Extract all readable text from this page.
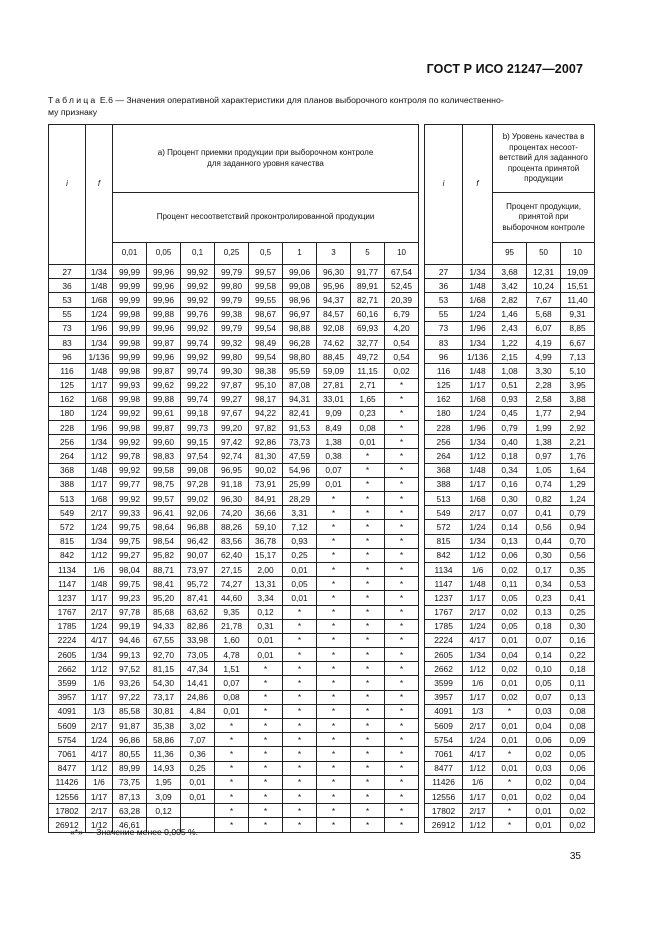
ГОСТ Р ИСО 21247—2007
Таблица Е.6 — Значения оперативной характеристики для планов выборочного контроля по количественно-
му признаку
i	f	а) Процент приемки продукции при выборочном контроле для заданного уровня качества										i	f	b) Уровень качества в процентах несоот-ветствий для заданного процента принятой продукции		
		Процент несоответствий проконтролированной продукции												Процент продукции, принятой при выборочном контроле		

		0,01	0,05	0,1	0,25	0,5	1	3	5	10				95	50	10
27	1/34	99,99	99,96	99,92	99,79	99,57	99,06	96,30	91,77	67,54		27	1/34	3,68	12,31	19,09
36	1/48	99,99	99,96	99,92	99,80	99,58	99,08	95,96	89,91	52,45		36	1/48	3,42	10,24	15,51
53	1/68	99,99	99,96	99,92	99,79	99,55	98,96	94,37	82,71	20,39		53	1/68	2,82	7,67	11,40
55	1/24	99,98	99,88	99,76	99,38	98,67	96,97	84,57	60,16	6,79		55	1/24	1,46	5,68	9,31
73	1/96	99,99	99,96	99,92	99,79	99,54	98,88	92,08	69,93	4,20		73	1/96	2,43	6,07	8,85
83	1/34	99,98	99,87	99,74	99,32	98,49	96,28	74,62	32,77	0,54		83	1/34	1,22	4,19	6,67
96	1/136	99,99	99,96	99,92	99,80	99,54	98,80	88,45	49,72	0,54		96	1/136	2,15	4,99	7,13
116	1/48	99,98	99,87	99,74	99,30	98,38	95,59	59,09	11,15	0,02		116	1/48	1,08	3,30	5,10
125	1/17	99,93	99,62	99,22	97,87	95,10	87,08	27,81	2,71	*		125	1/17	0,51	2,28	3,95
162	1/68	99,98	99,88	99,74	99,27	98,17	94,31	33,01	1,65	*		162	1/68	0,93	2,58	3,88
180	1/24	99,92	99,61	99,18	97,67	94,22	82,41	9,09	0,23	*		180	1/24	0,45	1,77	2,94
228	1/96	99,98	99,87	99,73	99,20	97,82	91,53	8,49	0,08	*		228	1/96	0,79	1,99	2,92
256	1/34	99,92	99,60	99,15	97,42	92,86	73,73	1,38	0,01	*		256	1/34	0,40	1,38	2,21
264	1/12	99,78	98,83	97,54	92,74	81,30	47,59	0,38	*	*		264	1/12	0,18	0,97	1,76
368	1/48	99,92	99,58	99,08	96,95	90,02	54,96	0,07	*	*		368	1/48	0,34	1,05	1,64
388	1/17	99,77	98,75	97,28	91,18	73,91	25,99	0,01	*	*		388	1/17	0,16	0,74	1,29
513	1/68	99,92	99,57	99,02	96,30	84,91	28,29	*	*	*		513	1/68	0,30	0,82	1,24
549	2/17	99,33	96,41	92,06	74,20	36,66	3,31	*	*	*		549	2/17	0,07	0,41	0,79
572	1/24	99,75	98,64	96,88	88,26	59,10	7,12	*	*	*		572	1/24	0,14	0,56	0,94
815	1/34	99,75	98,54	96,42	83,56	36,78	0,93	*	*	*		815	1/34	0,13	0,44	0,70
842	1/12	99,27	95,82	90,07	62,40	15,17	0,25	*	*	*		842	1/12	0,06	0,30	0,56
1134	1/6	98,04	88,71	73,97	27,15	2,00	0,01	*	*	*		1134	1/6	0,02	0,17	0,35
1147	1/48	99,75	98,41	95,72	74,27	13,31	0,05	*	*	*		1147	1/48	0,11	0,34	0,53
1237	1/17	99,23	95,20	87,41	44,60	3,34	0,01	*	*	*		1237	1/17	0,05	0,23	0,41
1767	2/17	97,78	85,68	63,62	9,35	0,12	*	*	*	*		1767	2/17	0,02	0,13	0,25
1785	1/24	99,19	94,33	82,86	21,78	0,31	*	*	*	*		1785	1/24	0,05	0,18	0,30
2224	4/17	94,46	67,55	33,98	1,60	0,01	*	*	*	*		2224	4/17	0,01	0,07	0,16
2605	1/34	99,13	92,70	73,05	4,78	0,01	*	*	*	*		2605	1/34	0,04	0,14	0,22
2662	1/12	97,52	81,15	47,34	1,51	*	*	*	*	*		2662	1/12	0,02	0,10	0,18
3599	1/6	93,26	54,30	14,41	0,07	*	*	*	*	*		3599	1/6	0,01	0,05	0,11
3957	1/17	97,22	73,17	24,86	0,08	*	*	*	*	*		3957	1/17	0,02	0,07	0,13
4091	1/3	85,58	30,81	4,84	0,01	*	*	*	*	*		4091	1/3	*	0,03	0,08
5609	2/17	91,87	35,38	3,02	*	*	*	*	*	*		5609	2/17	0,01	0,04	0,08
5754	1/24	96,86	58,86	7,07	*	*	*	*	*	*		5754	1/24	0,01	0,06	0,09
7061	4/17	80,55	11,36	0,36	*	*	*	*	*	*		7061	4/17	*	0,02	0,05
8477	1/12	89,99	14,93	0,25	*	*	*	*	*	*		8477	1/12	0,01	0,03	0,06
11426	1/6	73,75	1,95	0,01	*	*	*	*	*	*		11426	1/6	*	0,02	0,04
12556	1/17	87,13	3,09	0,01	*	*	*	*	*	*		12556	1/17	0,01	0,02	0,04
17802	2/17	63,28	0,12		*	*	*	*	*	*		17802	2/17	*	0,01	0,02
26912	1/12	46,61			*	*	*	*	*	*		26912	1/12	*	0,01	0,02
«*» — Значение менее 0,005 %.
35
